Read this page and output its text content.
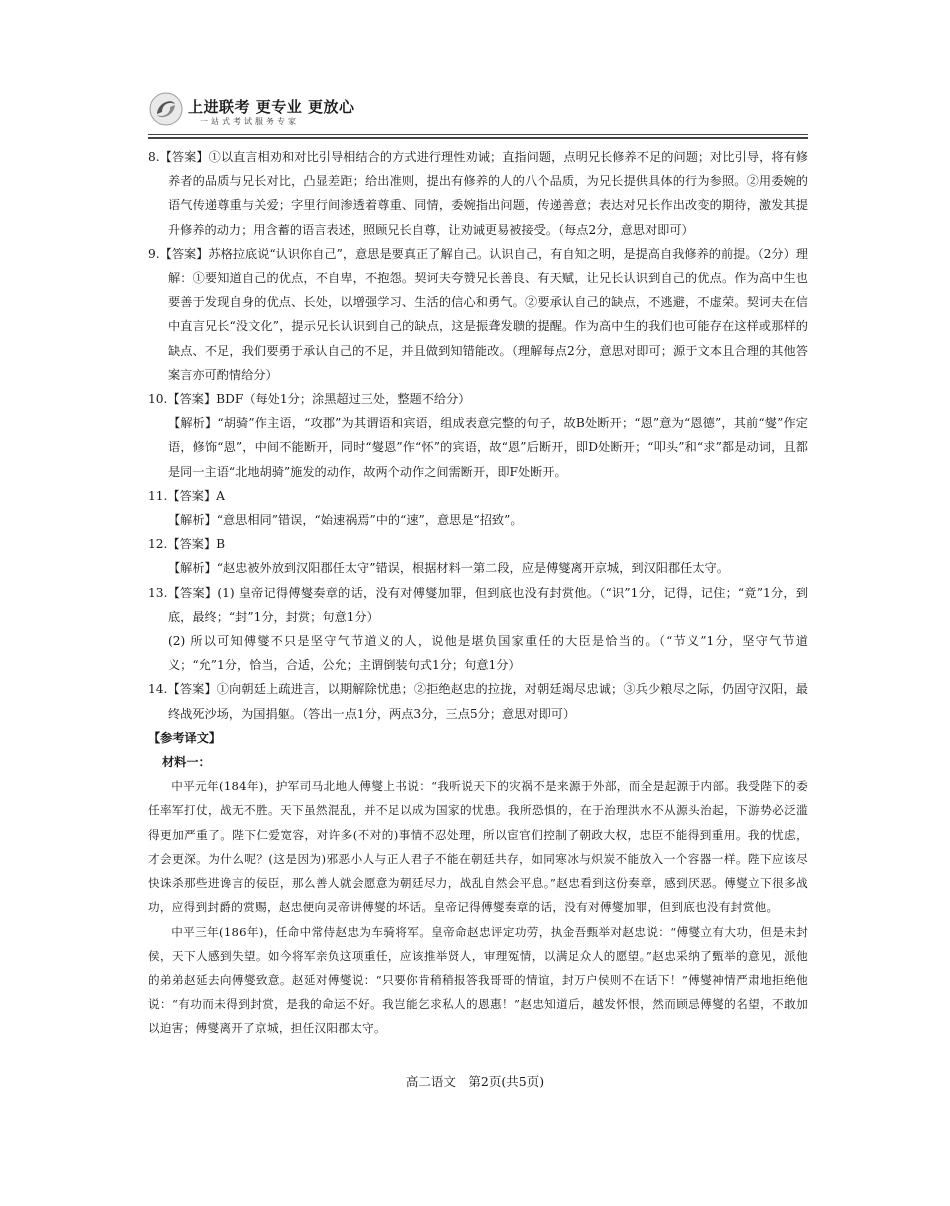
上进联考 更专业 更放心
一站式考试服务专家

8.【答案】①以直言相劝和对比引导相结合的方式进行理性劝诫；直指问题，点明兄长修养不足的问题；对比引导，将有修养者的品质与兄长对比，凸显差距；给出准则，提出有修养的人的八个品质，为兄长提供具体的行为参照。②用委婉的语气传递尊重与关爱；字里行间渗透着尊重、同情，委婉指出问题，传递善意；表达对兄长作出改变的期待，激发其提升修养的动力；用含蓄的语言表述，照顾兄长自尊，让劝诫更易被接受。（每点2分，意思对即可）

9.【答案】苏格拉底说“认识你自己”，意思是要真正了解自己。认识自己，有自知之明，是提高自我修养的前提。（2分）理解：①要知道自己的优点，不自卑，不抱怨。契诃夫夸赞兄长善良、有天赋，让兄长认识到自己的优点。作为高中生也要善于发现自身的优点、长处，以增强学习、生活的信心和勇气。②要承认自己的缺点，不逃避，不虚荣。契诃夫在信中直言兄长“没文化”，提示兄长认识到自己的缺点，这是振聋发聩的提醒。作为高中生的我们也可能存在这样或那样的缺点、不足，我们要勇于承认自己的不足，并且做到知错能改。（理解每点2分，意思对即可；源于文本且合理的其他答案言亦可酌情给分）

10.【答案】BDF（每处1分；涂黑超过三处，整题不给分）

【解析】“胡骑”作主语，“攻郡”为其谓语和宾语，组成表意完整的句子，故B处断开；“恩”意为“恩德”，其前“燮”作定语，修饰“恩”，中间不能断开，同时“燮恩”作“怀”的宾语，故“恩”后断开，即D处断开；“叩头”和“求”都是动词，且都是同一主语“北地胡骑”施发的动作，故两个动作之间需断开，即F处断开。

11.【答案】A

【解析】“意思相同”错误，“始速祸焉”中的“速”，意思是“招致”。

12.【答案】B

【解析】“赵忠被外放到汉阳郡任太守”错误，根据材料一第二段，应是傅燮离开京城，到汉阳郡任太守。

13.【答案】(1) 皇帝记得傅燮奏章的话，没有对傅燮加罪，但到底也没有封赏他。（“识”1分，记得，记住；“竟”1分，到底，最终；“封”1分，封赏；句意1分）

(2) 所以可知傅燮不只是坚守气节道义的人，说他是堪负国家重任的大臣是恰当的。（“节义”1分，坚守气节道义；“允”1分，恰当，合适，公允；主谓倒装句式1分；句意1分）

14.【答案】①向朝廷上疏进言，以期解除忧患；②拒绝赵忠的拉拢，对朝廷竭尽忠诚；③兵少粮尽之际，仍固守汉阳，最终战死沙场，为国捐躯。（答出一点1分，两点3分，三点5分；意思对即可）

【参考译文】

材料一：

中平元年(184年)，护军司马北地人傅燮上书说：“我听说天下的灾祸不是来源于外部，而全是起源于内部。我受陛下的委任率军打仗，战无不胜。天下虽然混乱，并不足以成为国家的忧患。我所恐惧的，在于治理洪水不从源头治起，下游势必泛滥得更加严重了。陛下仁爱宽容，对许多(不对的)事情不忍处理，所以宦官们控制了朝政大权，忠臣不能得到重用。我的忧虑，才会更深。为什么呢？(这是因为)邪恶小人与正人君子不能在朝廷共存，如同寒冰与炽炭不能放入一个容器一样。陛下应该尽快诛杀那些进谗言的佞臣，那么善人就会愿意为朝廷尽力，战乱自然会平息。”赵忠看到这份奏章，感到厌恶。傅燮立下很多战功，应得到封爵的赏赐，赵忠便向灵帝讲傅燮的坏话。皇帝记得傅燮奏章的话，没有对傅燮加罪，但到底也没有封赏他。

中平三年(186年)，任命中常侍赵忠为车骑将军。皇帝命赵忠评定功劳，执金吾甄举对赵忠说：“傅燮立有大功，但是未封侯，天下人感到失望。如今将军亲负这项重任，应该推举贤人，审理冤情，以满足众人的愿望。”赵忠采纳了甄举的意见，派他的弟弟赵延去向傅燮致意。赵延对傅燮说：“只要你肯稍稍报答我哥哥的情谊，封万户侯则不在话下！”傅燮神情严肃地拒绝他说：“有功而未得到封赏，是我的命运不好。我岂能乞求私人的恩惠！”赵忠知道后，越发怀恨，然而顾忌傅燮的名望，不敢加以迫害；傅燮离开了京城，担任汉阳郡太守。

高二语文　第2页(共5页)
